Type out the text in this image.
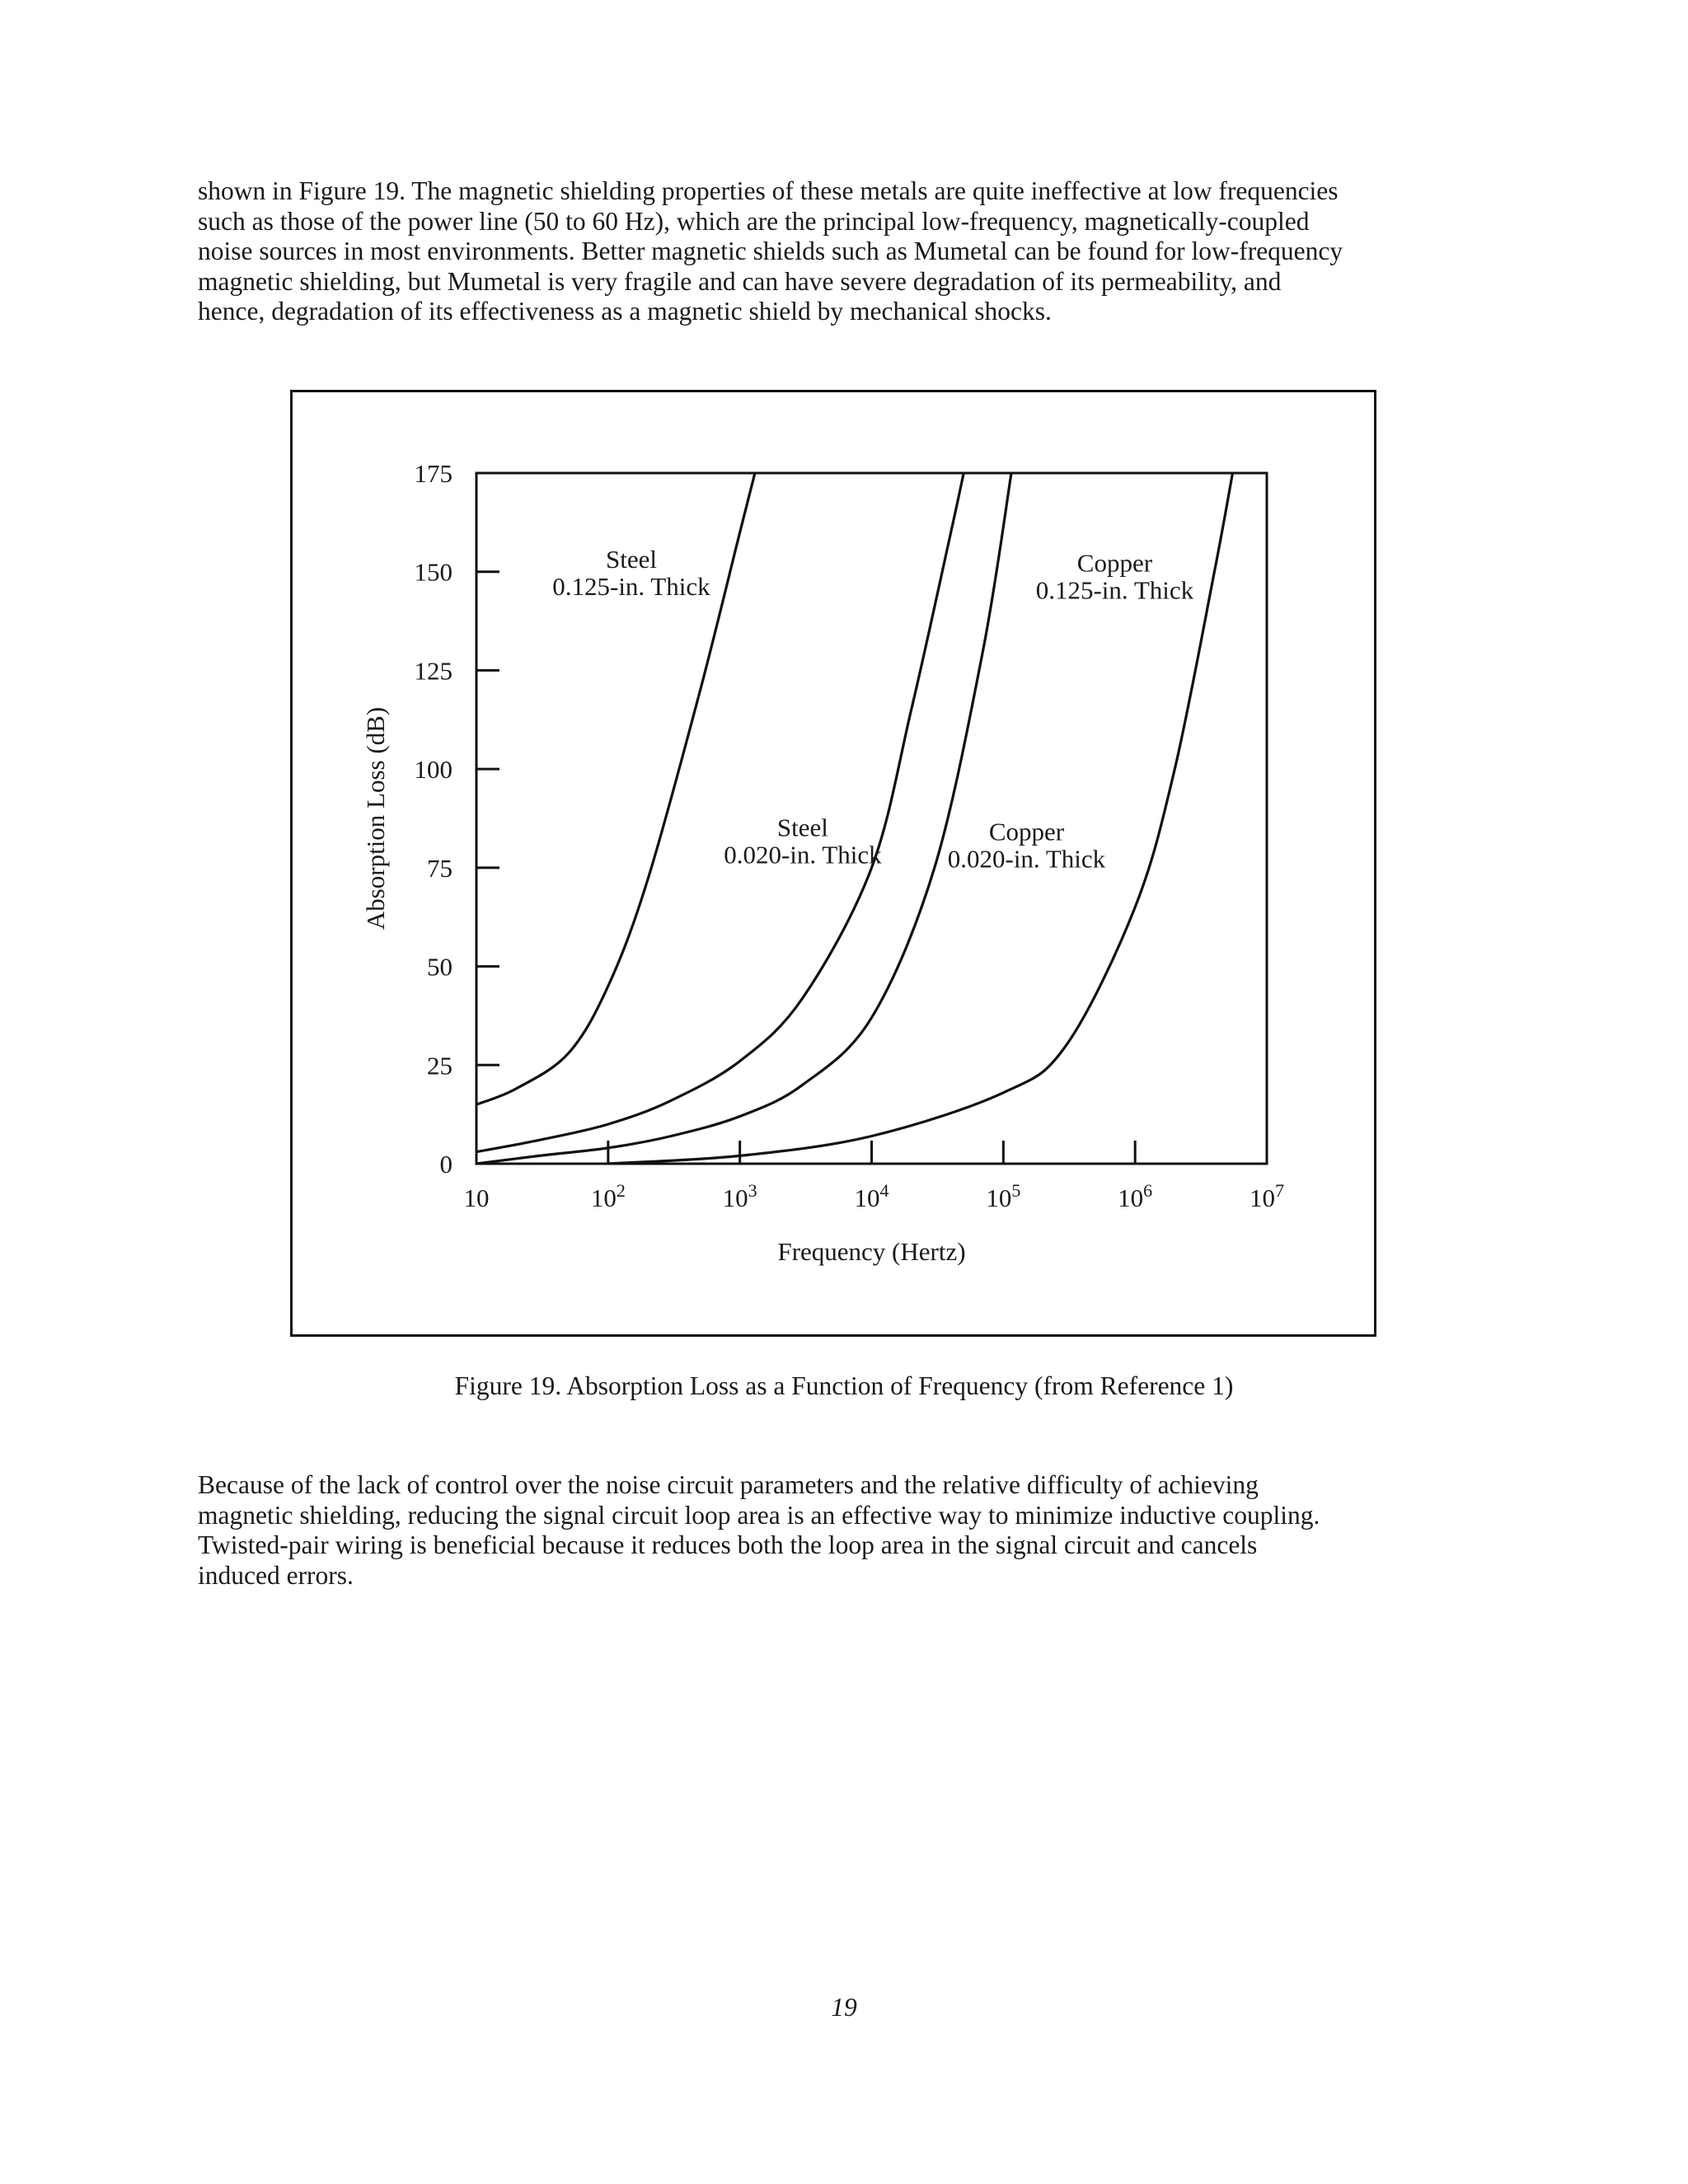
shown in Figure 19. The magnetic shielding properties of these metals are quite ineffective at low frequencies
such as those of the power line (50 to 60 Hz), which are the principal low-frequency, magnetically-coupled
noise sources in most environments. Better magnetic shields such as Mumetal can be found for low-frequency
magnetic shielding, but Mumetal is very fragile and can have severe degradation of its permeability, and
hence, degradation of its effectiveness as a magnetic shield by mechanical shocks.
0
25
50
75
100
125
150
175
10	$10^2$	$10^3$	$10^4$	$10^5$	$10^6$	$10^7$
Frequency (Hertz)
Absorption Loss (dB)
Steel
0.125-in. Thick
Steel
0.020-in. Thick
Copper
0.125-in. Thick
Copper
0.020-in. Thick

Figure 19. Absorption Loss as a Function of Frequency (from Reference 1)

Because of the lack of control over the noise circuit parameters and the relative difficulty of achieving
magnetic shielding, reducing the signal circuit loop area is an effective way to minimize inductive coupling.
Twisted-pair wiring is beneficial because it reduces both the loop area in the signal circuit and cancels
induced errors.

19
